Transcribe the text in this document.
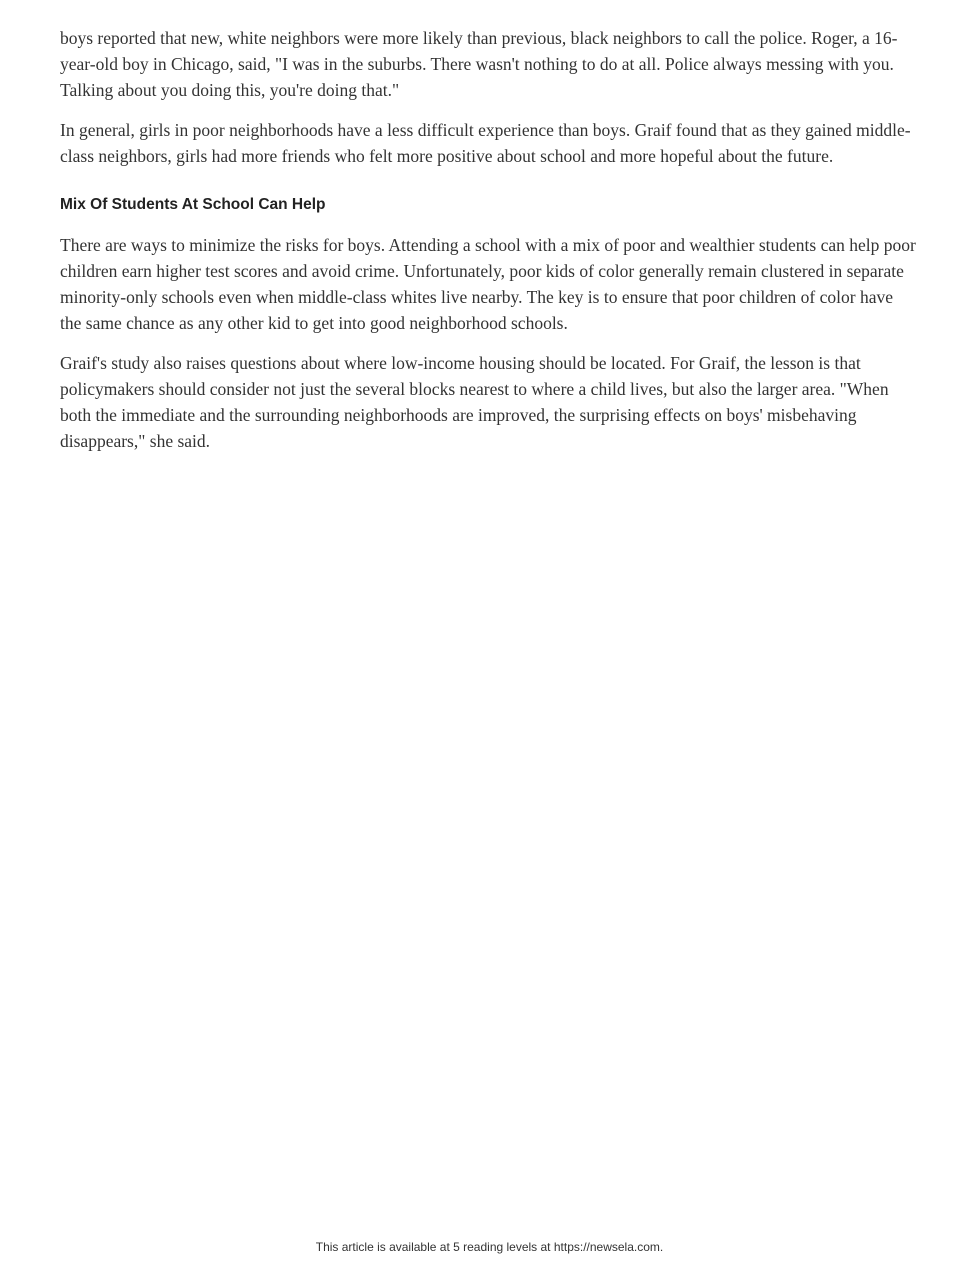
boys reported that new, white neighbors were more likely than previous, black neighbors to call the police. Roger, a 16-year-old boy in Chicago, said, "I was in the suburbs. There wasn't nothing to do at all. Police always messing with you. Talking about you doing this, you're doing that."

In general, girls in poor neighborhoods have a less difficult experience than boys. Graif found that as they gained middle-class neighbors, girls had more friends who felt more positive about school and more hopeful about the future.

Mix Of Students At School Can Help

There are ways to minimize the risks for boys. Attending a school with a mix of poor and wealthier students can help poor children earn higher test scores and avoid crime. Unfortunately, poor kids of color generally remain clustered in separate minority-only schools even when middle-class whites live nearby. The key is to ensure that poor children of color have the same chance as any other kid to get into good neighborhood schools.

Graif's study also raises questions about where low-income housing should be located. For Graif, the lesson is that policymakers should consider not just the several blocks nearest to where a child lives, but also the larger area. "When both the immediate and the surrounding neighborhoods are improved, the surprising effects on boys' misbehaving disappears," she said.

This article is available at 5 reading levels at https://newsela.com.
